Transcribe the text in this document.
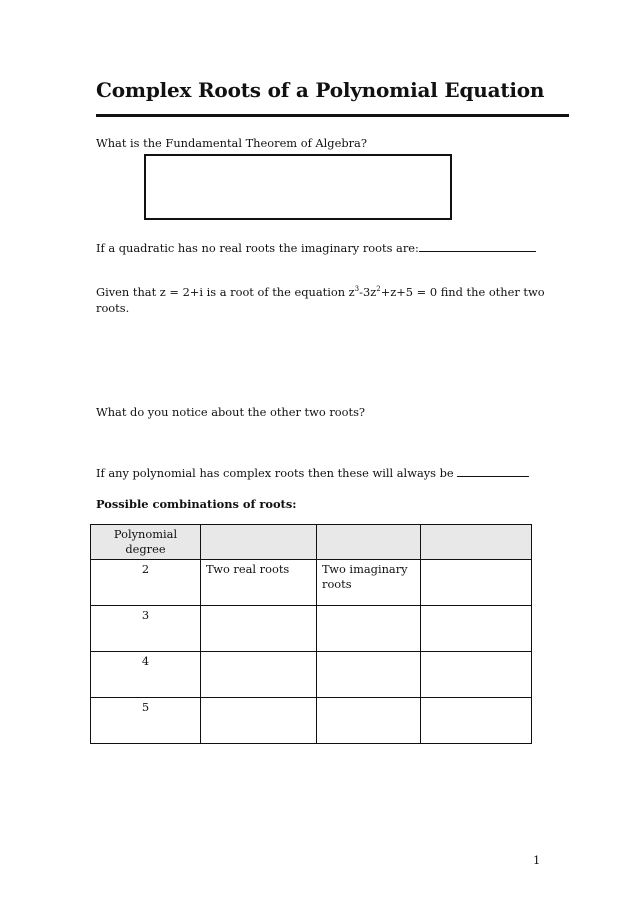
Complex Roots of a Polynomial Equation
What is the Fundamental Theorem of Algebra?
If a quadratic has no real roots the imaginary roots are:
Given that z = 2+i is a root of the equation $z^3-3z^2+z+5 = 0$ find the other two
roots.
What do you notice about the other two roots?
If any polynomial has complex roots then these will always be
Possible combinations of roots:
Polynomial degree			
2	Two real roots	Two imaginary roots	
3			
4			
5			
1
